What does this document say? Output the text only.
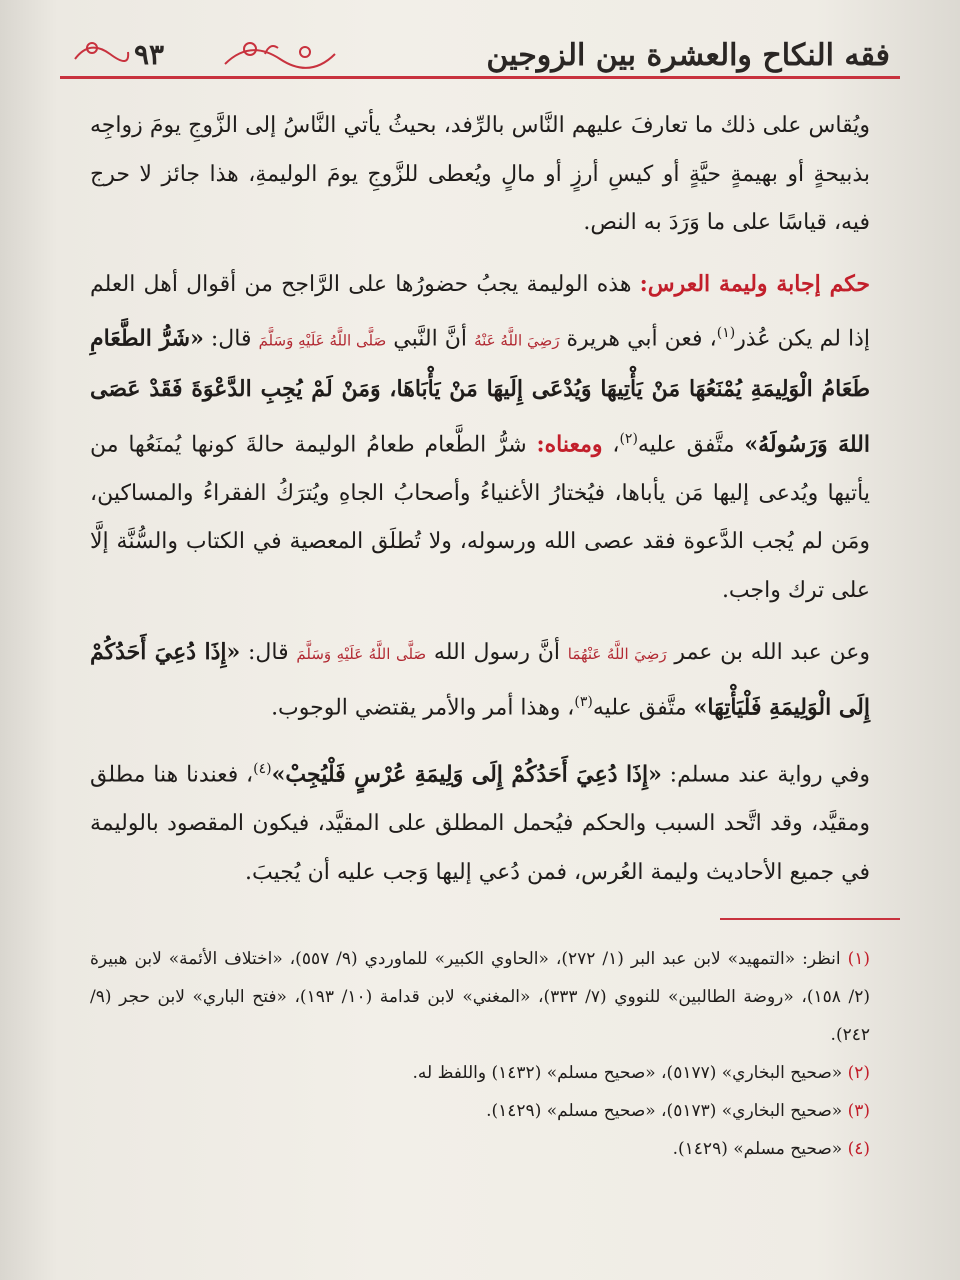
فقه النكاح والعشرة بين الزوجين
٩٣

ويُقاس على ذلك ما تعارفَ عليهم النَّاس بالرِّفد، بحيثُ يأتي النَّاسُ إلى الزَّوجِ يومَ زواجِه بذبيحةٍ أو بهيمةٍ حيَّةٍ أو كيسِ أرزٍ أو مالٍ ويُعطى للزَّوجِ يومَ الوليمةِ، هذا جائز لا حرج فيه، قياسًا على ما وَرَدَ به النص.

حكم إجابة وليمة العرس: هذه الوليمة يجبُ حضورُها على الرَّاجح من أقوال أهل العلم إذا لم يكن عُذر$^{(١)}$، فعن أبي هريرة رَضِيَ اللَّهُ عَنْهُ أنَّ النَّبي صَلَّى اللَّهُ عَلَيْهِ وَسَلَّمَ قال: «شَرُّ الطَّعَامِ طَعَامُ الْوَلِيمَةِ يُمْنَعُهَا مَنْ يَأْتِيهَا وَيُدْعَى إِلَيهَا مَنْ يَأْبَاهَا، وَمَنْ لَمْ يُجِبِ الدَّعْوَةَ فَقَدْ عَصَى اللهَ وَرَسُولَهُ» متَّفق عليه$^{(٢)}$، ومعناه: شرُّ الطَّعام طعامُ الوليمة حالةَ كونها يُمنَعُها من يأتيها ويُدعى إليها مَن يأباها، فيُختارُ الأغنياءُ وأصحابُ الجاهِ ويُترَكُ الفقراءُ والمساكين، ومَن لم يُجب الدَّعوة فقد عصى الله ورسوله، ولا تُطلَق المعصية في الكتاب والسُّنَّة إلَّا على ترك واجب.

وعن عبد الله بن عمر رَضِيَ اللَّهُ عَنْهُمَا أنَّ رسول الله صَلَّى اللَّهُ عَلَيْهِ وَسَلَّمَ قال: «إِذَا دُعِيَ أَحَدُكُمْ إِلَى الْوَلِيمَةِ فَلْيَأْتِهَا» متَّفق عليه$^{(٣)}$، وهذا أمر والأمر يقتضي الوجوب.

وفي رواية عند مسلم: «إِذَا دُعِيَ أَحَدُكُمْ إِلَى وَلِيمَةِ عُرْسٍ فَلْيُجِبْ»$^{(٤)}$، فعندنا هنا مطلق ومقيَّد، وقد اتَّحد السبب والحكم فيُحمل المطلق على المقيَّد، فيكون المقصود بالوليمة في جميع الأحاديث وليمة العُرس، فمن دُعي إليها وَجب عليه أن يُجيبَ.

(١) انظر: «التمهيد» لابن عبد البر (١/ ٢٧٢)، «الحاوي الكبير» للماوردي (٩/ ٥٥٧)، «اختلاف الأئمة» لابن هبيرة (٢/ ١٥٨)، «روضة الطالبين» للنووي (٧/ ٣٣٣)، «المغني» لابن قدامة (١٠/ ١٩٣)، «فتح الباري» لابن حجر (٩/ ٢٤٢).

(٢) «صحيح البخاري» (٥١٧٧)، «صحيح مسلم» (١٤٣٢) واللفظ له.

(٣) «صحيح البخاري» (٥١٧٣)، «صحيح مسلم» (١٤٢٩).

(٤) «صحيح مسلم» (١٤٢٩).
